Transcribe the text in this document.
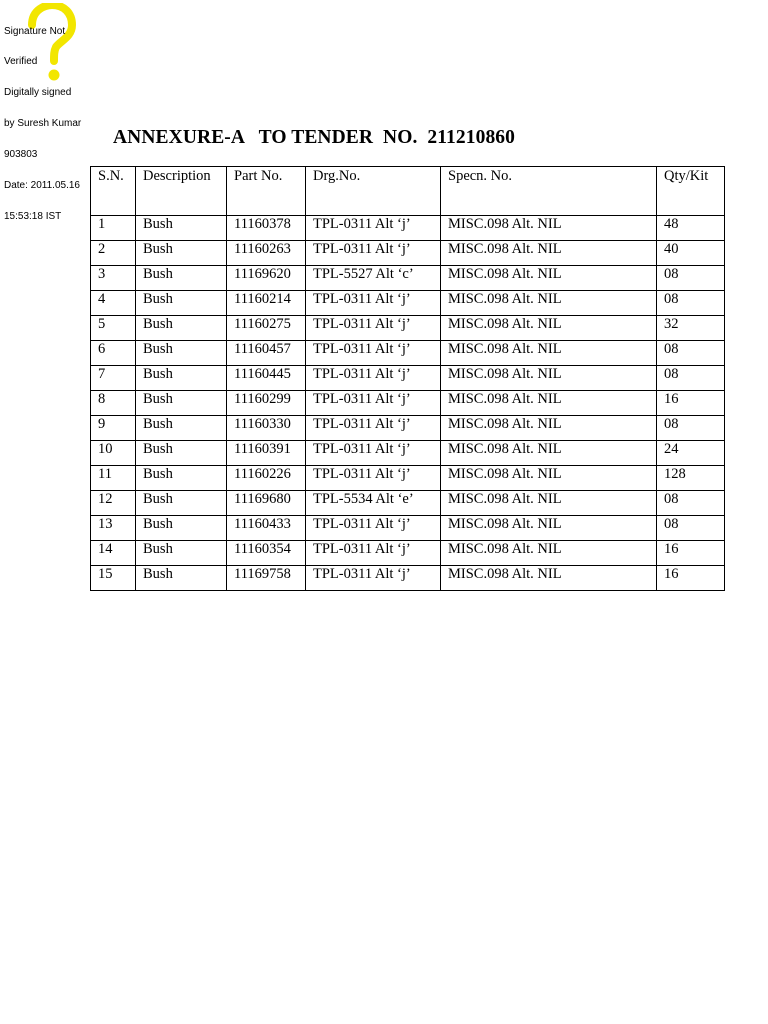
Signature Not

Verified

Digitally signed

by Suresh Kumar

903803

Date: 2011.05.16

15:53:18 IST

ANNEXURE-A   TO TENDER  NO.  211210860
S.N.	Description	Part No.	Drg.No.	Specn. No.	Qty/Kit
1	Bush	11160378	TPL-0311 Alt ‘j’	MISC.098 Alt. NIL	48
2	Bush	11160263	TPL-0311 Alt ‘j’	MISC.098 Alt. NIL	40
3	Bush	11169620	TPL-5527 Alt ‘c’	MISC.098 Alt. NIL	08
4	Bush	11160214	TPL-0311 Alt ‘j’	MISC.098 Alt. NIL	08
5	Bush	11160275	TPL-0311 Alt ‘j’	MISC.098 Alt. NIL	32
6	Bush	11160457	TPL-0311 Alt ‘j’	MISC.098 Alt. NIL	08
7	Bush	11160445	TPL-0311 Alt ‘j’	MISC.098 Alt. NIL	08
8	Bush	11160299	TPL-0311 Alt ‘j’	MISC.098 Alt. NIL	16
9	Bush	11160330	TPL-0311 Alt ‘j’	MISC.098 Alt. NIL	08
10	Bush	11160391	TPL-0311 Alt ‘j’	MISC.098 Alt. NIL	24
11	Bush	11160226	TPL-0311 Alt ‘j’	MISC.098 Alt. NIL	128
12	Bush	11169680	TPL-5534 Alt ‘e’	MISC.098 Alt. NIL	08
13	Bush	11160433	TPL-0311 Alt ‘j’	MISC.098 Alt. NIL	08
14	Bush	11160354	TPL-0311 Alt ‘j’	MISC.098 Alt. NIL	16
15	Bush	11169758	TPL-0311 Alt ‘j’	MISC.098 Alt. NIL	16
